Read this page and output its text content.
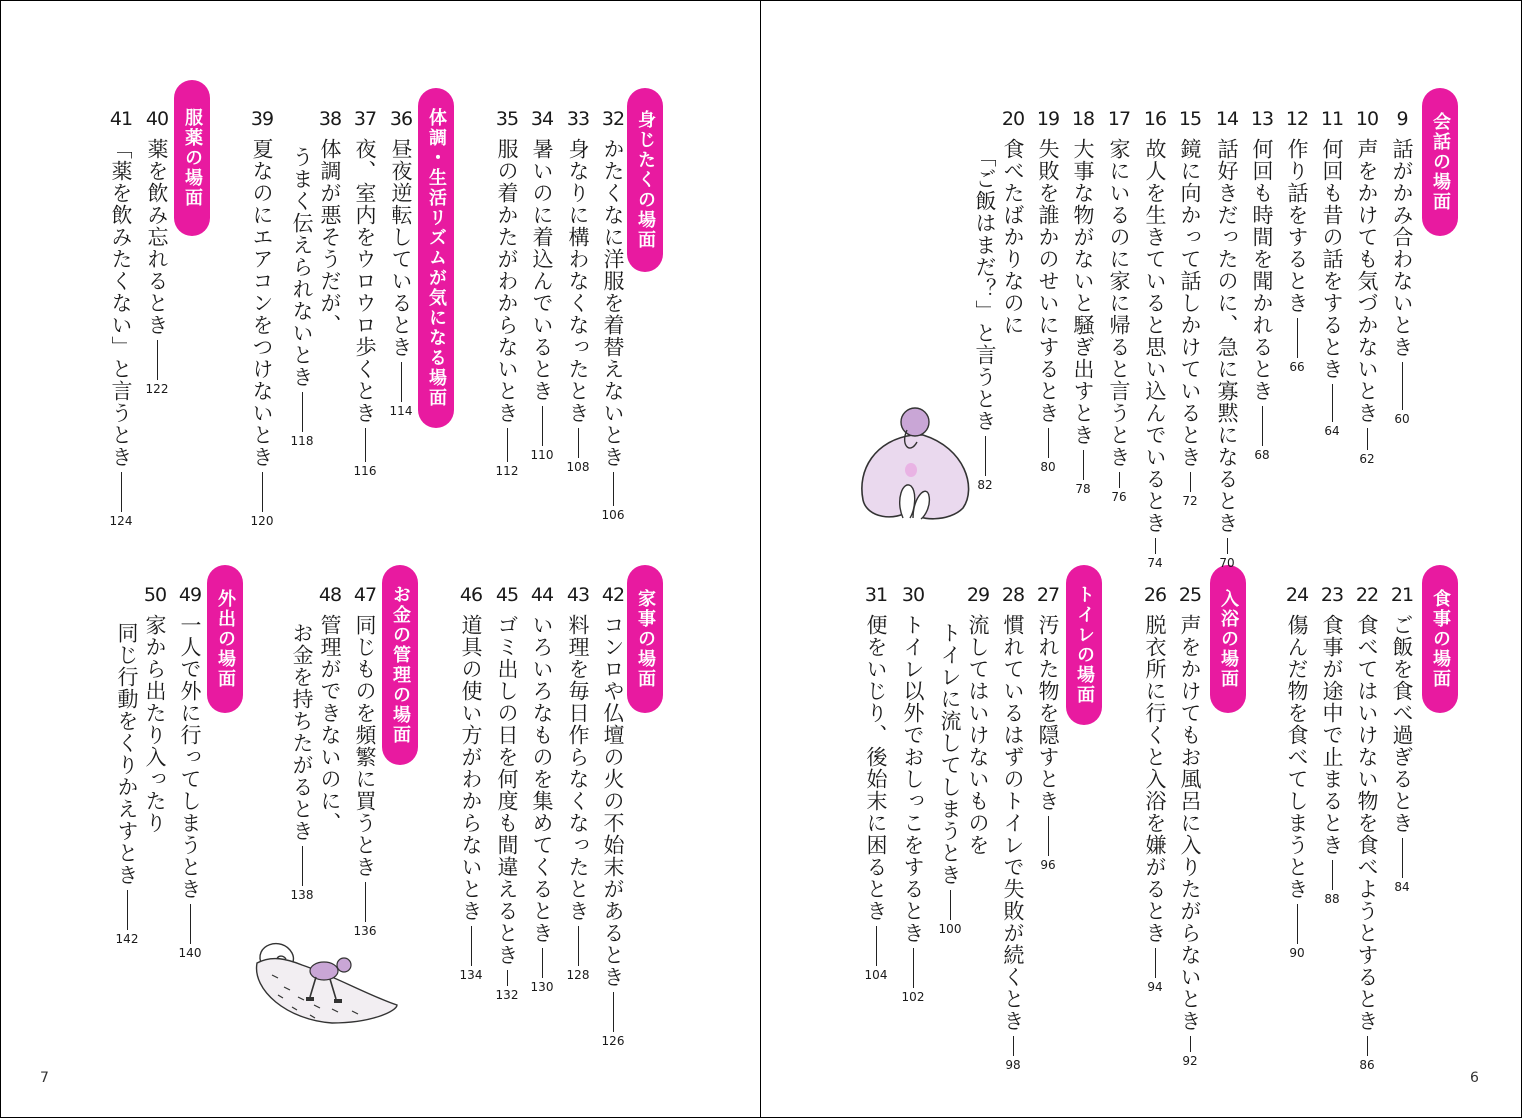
7	6
会話の場面
食事の場面
入浴の場面
トイレの場面
身じたくの場面
体調・生活リズムが気になる場面
服薬の場面
家事の場面
お金の管理の場面
外出の場面
9
話がかみ合わないとき
60
10
声をかけても気づかないとき
62
11
何回も昔の話をするとき
64
12
作り話をするとき
66
13
何回も時間を聞かれるとき
68
14
話好きだったのに、急に寡黙になるとき
70
15
鏡に向かって話しかけているとき
72
16
故人を生きていると思い込んでいるとき
74
17
家にいるのに家に帰ると言うとき
76
18
大事な物がないと騒ぎ出すとき
78
19
失敗を誰かのせいにするとき
80
20
食べたばかりなのに
「ご飯はまだ？」と言うとき
82
21
ご飯を食べ過ぎるとき
84
22
食べてはいけない物を食べようとするとき
86
23
食事が途中で止まるとき
88
24
傷んだ物を食べてしまうとき
90
25
声をかけてもお風呂に入りたがらないとき
92
26
脱衣所に行くと入浴を嫌がるとき
94
27
汚れた物を隠すとき
96
28
慣れているはずのトイレで失敗が続くとき
98
29
流してはいけないものを
トイレに流してしまうとき
100
30
トイレ以外でおしっこをするとき
102
31
便をいじり、後始末に困るとき
104
32
かたくなに洋服を着替えないとき
106
33
身なりに構わなくなったとき
108
34
暑いのに着込んでいるとき
110
35
服の着かたがわからないとき
112
36
昼夜逆転しているとき
114
37
夜、室内をウロウロ歩くとき
116
38
体調が悪そうだが、
うまく伝えられないとき
118
39
夏なのにエアコンをつけないとき
120
40
薬を飲み忘れるとき
122
41
「薬を飲みたくない」と言うとき
124
42
コンロや仏壇の火の不始末があるとき
126
43
料理を毎日作らなくなったとき
128
44
いろいろなものを集めてくるとき
130
45
ゴミ出しの日を何度も間違えるとき
132
46
道具の使い方がわからないとき
134
47
同じものを頻繁に買うとき
136
48
管理ができないのに、
お金を持ちたがるとき
138
49
一人で外に行ってしまうとき
140
50
家から出たり入ったり
同じ行動をくりかえすとき
142
